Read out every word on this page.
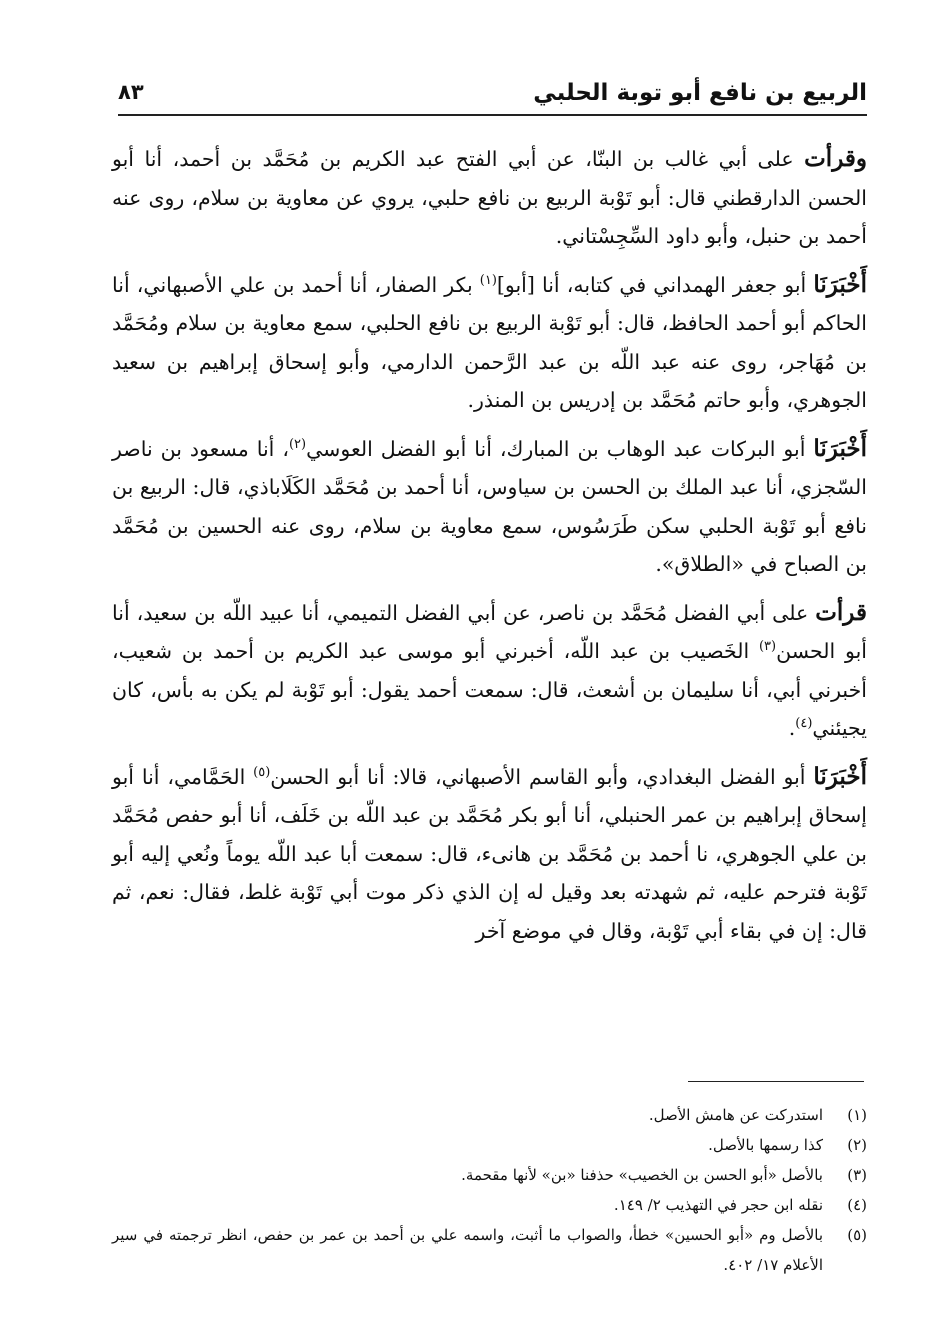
الربيع بن نافع أبو توبة الحلبي
٨٣

وقرأت على أبي غالب بن البنّا، عن أبي الفتح عبد الكريم بن مُحَمَّد بن أحمد، أنا أبو الحسن الدارقطني قال: أبو تَوْبة الربيع بن نافع حلبي، يروي عن معاوية بن سلام، روى عنه أحمد بن حنبل، وأبو داود السِّجِسْتاني.

أَخْبَرَنَا أبو جعفر الهمداني في كتابه، أنا [أبو]$^{(١)}$ بكر الصفار، أنا أحمد بن علي الأصبهاني، أنا الحاكم أبو أحمد الحافظ، قال: أبو تَوْبة الربيع بن نافع الحلبي، سمع معاوية بن سلام ومُحَمَّد بن مُهَاجر، روى عنه عبد اللّه بن عبد الرَّحمن الدارمي، وأبو إسحاق إبراهيم بن سعيد الجوهري، وأبو حاتم مُحَمَّد بن إدريس بن المنذر.

أَخْبَرَنَا أبو البركات عبد الوهاب بن المبارك، أنا أبو الفضل العوسي$^{(٢)}$، أنا مسعود بن ناصر السّجزي، أنا عبد الملك بن الحسن بن سياوس، أنا أحمد بن مُحَمَّد الكَلَاباذي، قال: الربيع بن نافع أبو تَوْبة الحلبي سكن طَرَسُوس، سمع معاوية بن سلام، روى عنه الحسين بن مُحَمَّد بن الصباح في «الطلاق».

قرأت على أبي الفضل مُحَمَّد بن ناصر، عن أبي الفضل التميمي، أنا عبيد اللّه بن سعيد، أنا أبو الحسن$^{(٣)}$ الخَصيب بن عبد اللّه، أخبرني أبو موسى عبد الكريم بن أحمد بن شعيب، أخبرني أبي، أنا سليمان بن أشعث، قال: سمعت أحمد يقول: أبو تَوْبة لم يكن به بأس، كان يجيئني$^{(٤)}$.

أَخْبَرَنَا أبو الفضل البغدادي، وأبو القاسم الأصبهاني، قالا: أنا أبو الحسن$^{(٥)}$ الحَمَّامي، أنا أبو إسحاق إبراهيم بن عمر الحنبلي، أنا أبو بكر مُحَمَّد بن عبد اللّه بن خَلَف، أنا أبو حفص مُحَمَّد بن علي الجوهري، نا أحمد بن مُحَمَّد بن هانىء، قال: سمعت أبا عبد اللّه يوماً ونُعي إليه أبو تَوْبة فترحم عليه، ثم شهدته بعد وقيل له إن الذي ذكر موت أبي تَوْبة غلط، فقال: نعم، ثم قال: إن في بقاء أبي تَوْبة، وقال في موضع آخر

(١)
استدركت عن هامش الأصل.
(٢)
كذا رسمها بالأصل.
(٣)
بالأصل «أبو الحسن بن الخصيب» حذفنا «بن» لأنها مقحمة.
(٤)
نقله ابن حجر في التهذيب ٢/ ١٤٩.
(٥)
بالأصل وم «أبو الحسين» خطأ، والصواب ما أثبت، واسمه علي بن أحمد بن عمر بن حفص، انظر ترجمته في سير الأعلام ١٧/ ٤٠٢.
